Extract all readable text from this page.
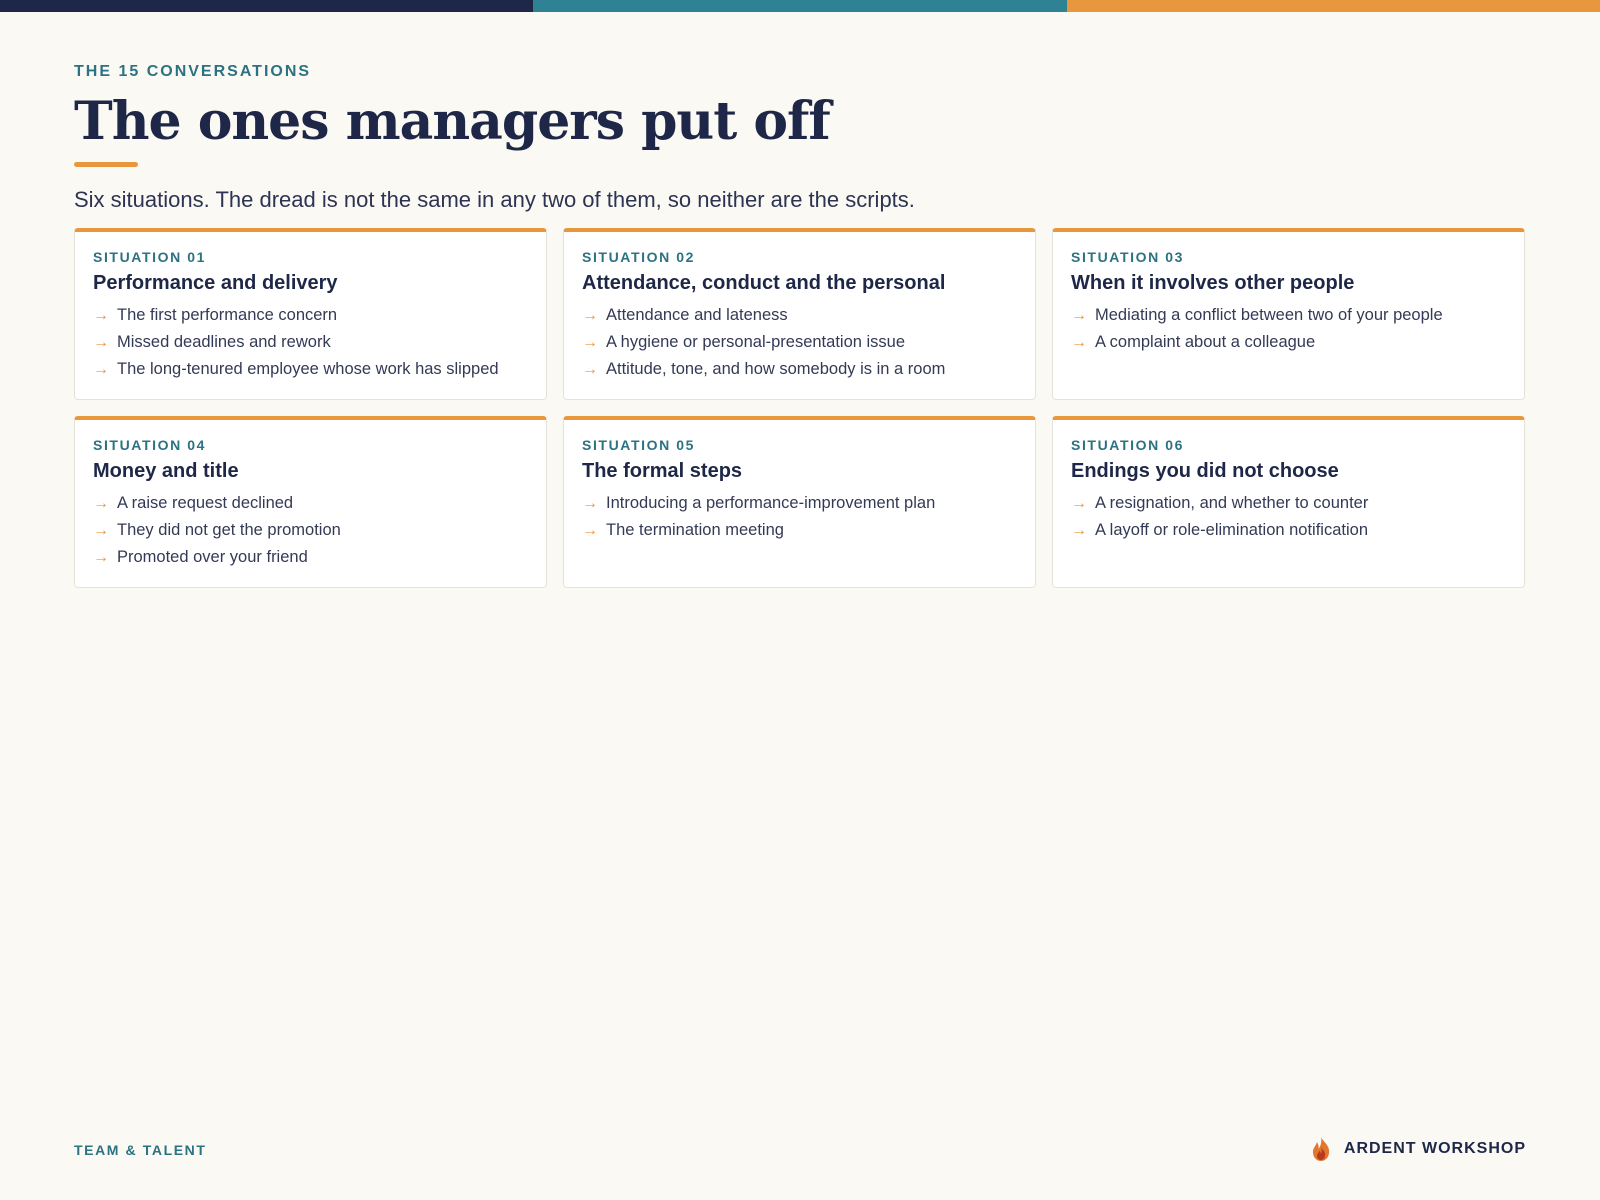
THE 15 CONVERSATIONS

The ones managers put off

Six situations. The dread is not the same in any two of them, so neither are the scripts.

SITUATION 01

Performance and delivery
→ The first performance concern
→ Missed deadlines and rework
→ The long-tenured employee whose work has slipped

SITUATION 02

Attendance, conduct and the personal
→ Attendance and lateness
→ A hygiene or personal-presentation issue
→ Attitude, tone, and how somebody is in a room

SITUATION 03

When it involves other people
→ Mediating a conflict between two of your people
→ A complaint about a colleague

SITUATION 04

Money and title
→ A raise request declined
→ They did not get the promotion
→ Promoted over your friend

SITUATION 05

The formal steps
→ Introducing a performance-improvement plan
→ The termination meeting

SITUATION 06

Endings you did not choose
→ A resignation, and whether to counter
→ A layoff or role-elimination notification
TEAM & TALENT	ARDENT WORKSHOP
